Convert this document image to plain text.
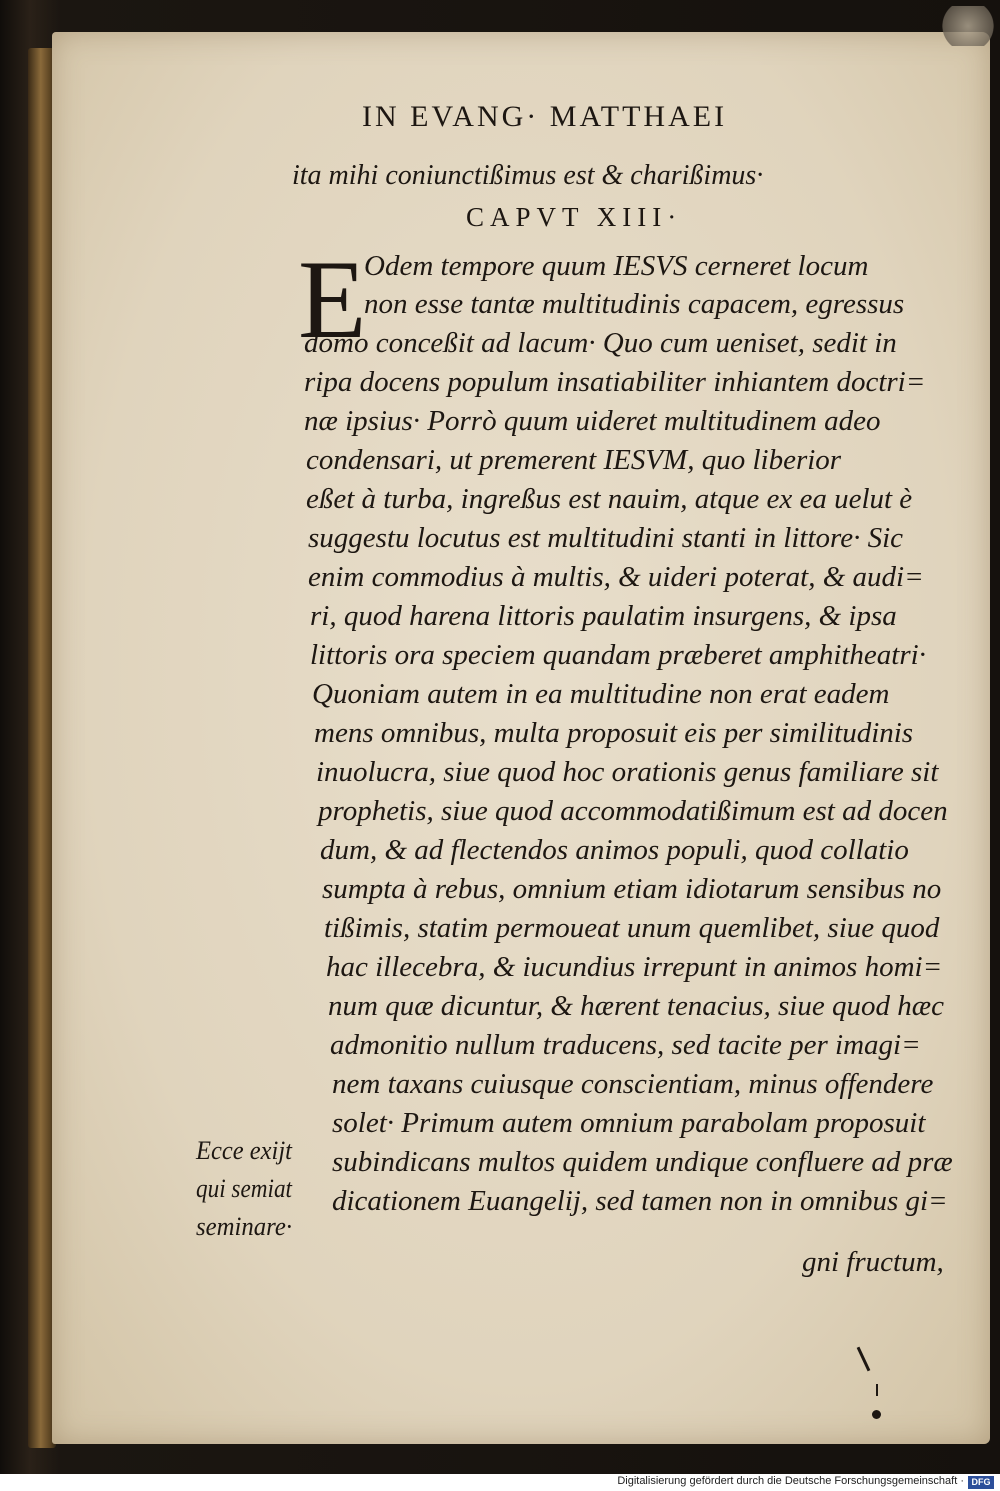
IN EVANG· MATTHAEI
ita mihi coniunctißimus est & charißimus·
CAPVT XIII·
E
Odem tempore quum IESVS cerneret locum
non esse tantæ multitudinis capacem, egressus
domo conceßit ad lacum· Quo cum ueniset, sedit in
ripa docens populum insatiabiliter inhiantem doctri=
næ ipsius· Porrò quum uideret multitudinem adeo
condensari, ut premerent IESVM, quo liberior
eßet à turba, ingreßus est nauim, atque ex ea uelut è
suggestu locutus est multitudini stanti in littore· Sic
enim commodius à multis, & uideri poterat, & audi=
ri, quod harena littoris paulatim insurgens, & ipsa
littoris ora speciem quandam præberet amphitheatri·
Quoniam autem in ea multitudine non erat eadem
mens omnibus, multa proposuit eis per similitudinis
inuolucra, siue quod hoc orationis genus familiare sit
prophetis, siue quod accommodatißimum est ad docen
dum, & ad flectendos animos populi, quod collatio
sumpta à rebus, omnium etiam idiotarum sensibus no
tißimis, statim permoueat unum quemlibet, siue quod
hac illecebra, & iucundius irrepunt in animos homi=
num quæ dicuntur, & hærent tenacius, siue quod hæc
admonitio nullum traducens, sed tacite per imagi=
nem taxans cuiusque conscientiam, minus offendere
solet· Primum autem omnium parabolam proposuit
subindicans multos quidem undique confluere ad præ
dicationem Euangelij, sed tamen non in omnibus gi=
gni fructum,
Ecce exijt
qui semiat
seminare·
Digitalisierung gefördert durch die Deutsche Forschungsgemeinschaft · DFG
